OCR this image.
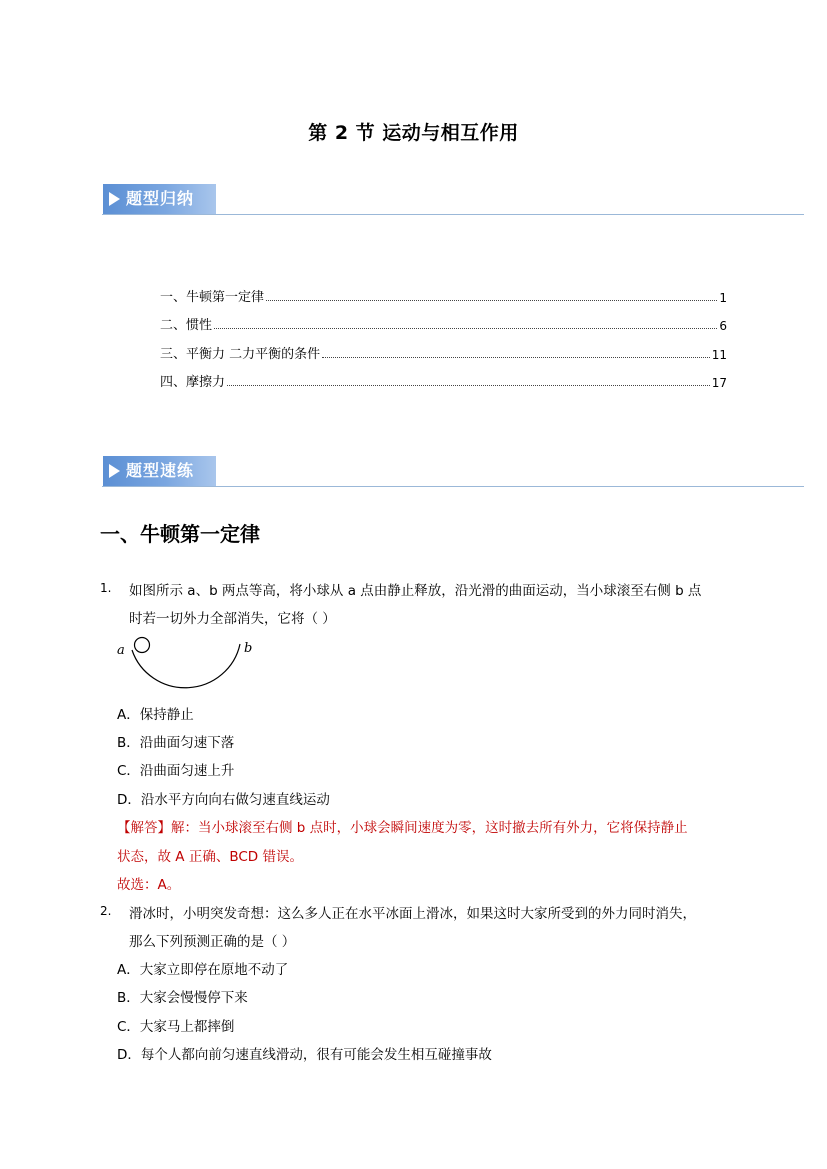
第 2 节 运动与相互作用
题型归纳
一、牛顿第一定律	1
二、惯性	6
三、平衡力 二力平衡的条件	11
四、摩擦力	17
题型速练
一、牛顿第一定律
1. 如图所示 a、b 两点等高，将小球从 a 点由静止释放，沿光滑的曲面运动，当小球滚至右侧 b 点
时若一切外力全部消失，它将（ ）
a	b
A．保持静止
B．沿曲面匀速下落
C．沿曲面匀速上升
D．沿水平方向向右做匀速直线运动
【解答】解：当小球滚至右侧 b 点时，小球会瞬间速度为零，这时撤去所有外力，它将保持静止
状态，故 A 正确、BCD 错误。
故选：A。
2. 滑冰时，小明突发奇想：这么多人正在水平冰面上滑冰，如果这时大家所受到的外力同时消失，
那么下列预测正确的是（ ）
A．大家立即停在原地不动了
B．大家会慢慢停下来
C．大家马上都摔倒
D．每个人都向前匀速直线滑动，很有可能会发生相互碰撞事故
